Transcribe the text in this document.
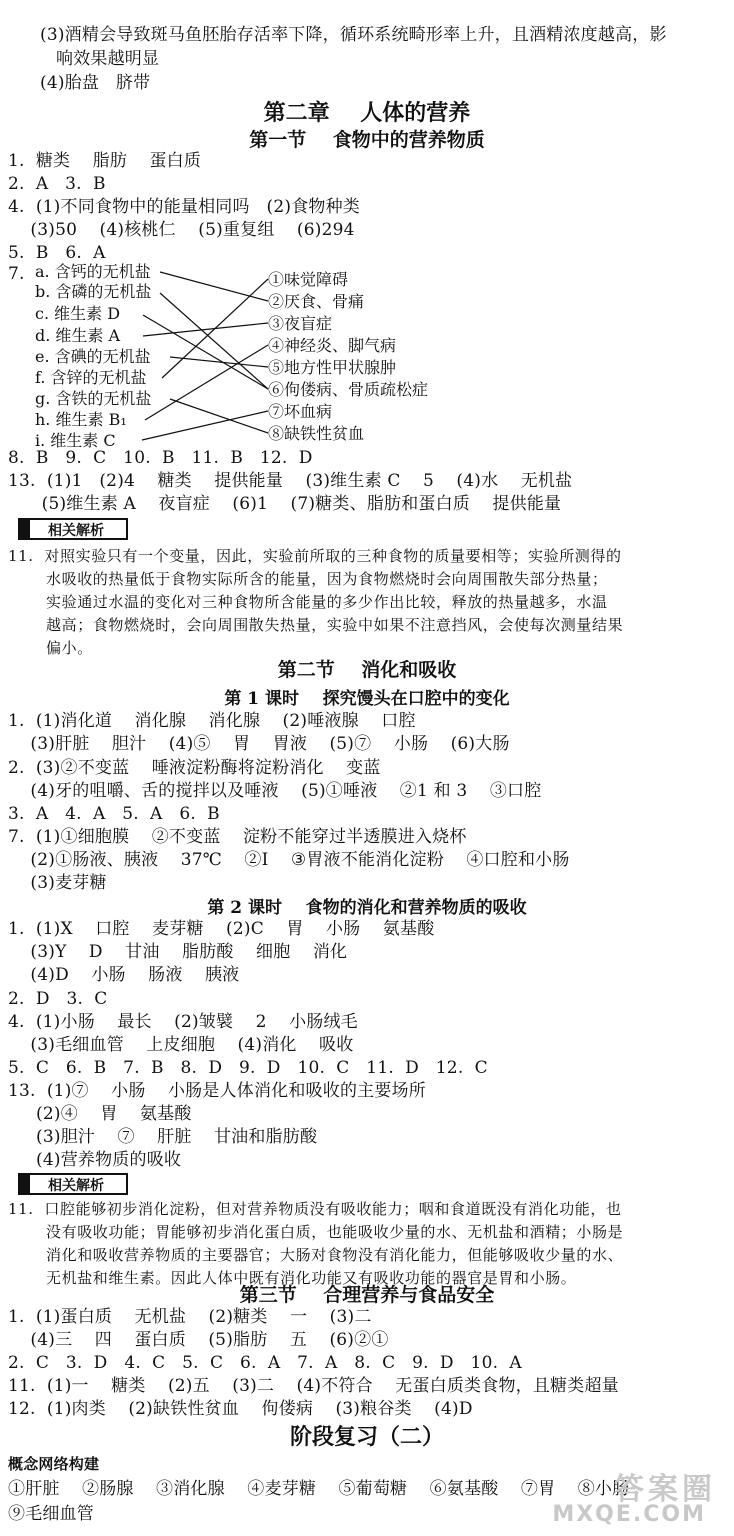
(3)酒精会导致斑马鱼胚胎存活率下降，循环系统畸形率上升，且酒精浓度越高，影
响效果越明显
(4)胎盘   脐带
第二章    人体的营养
第一节    食物中的营养物质
1.  糖类    脂肪    蛋白质
2.  A   3.  B
4.  (1)不同食物中的能量相同吗   (2)食物种类
(3)50    (4)核桃仁    (5)重复组    (6)294
5.  B   6.  A
7. a. 含钙的无机盐
b. 含磷的无机盐
c. 维生素 D
d. 维生素 A
e. 含碘的无机盐
f. 含锌的无机盐
g. 含铁的无机盐
h. 维生素 B₁
i. 维生素 C
①味觉障碍
②厌食、骨痛
③夜盲症
④神经炎、脚气病
⑤地方性甲状腺肿
⑥佝偻病、骨质疏松症
⑦坏血病
⑧缺铁性贫血
8.  B   9.  C   10.  B   11.  B   12.  D
13.  (1)1   (2)4    糖类    提供能量    (3)维生素 C    5    (4)水    无机盐
(5)维生素 A    夜盲症    (6)1    (7)糖类、脂肪和蛋白质    提供能量
相关解析
11.  对照实验只有一个变量，因此，实验前所取的三种食物的质量要相等；实验所测得的
水吸收的热量低于食物实际所含的能量，因为食物燃烧时会向周围散失部分热量；
实验通过水温的变化对三种食物所含能量的多少作出比较，释放的热量越多，水温
越高；食物燃烧时，会向周围散失热量，实验中如果不注意挡风，会使每次测量结果
偏小。
第二节    消化和吸收
第 1 课时    探究馒头在口腔中的变化
1.  (1)消化道    消化腺    消化腺    (2)唾液腺    口腔
(3)肝脏    胆汁    (4)⑤    胃    胃液    (5)⑦    小肠    (6)大肠
2.  (3)②不变蓝    唾液淀粉酶将淀粉消化    变蓝
(4)牙的咀嚼、舌的搅拌以及唾液    (5)①唾液    ②1 和 3    ③口腔
3.  A   4.  A   5.  A   6.  B
7.  (1)①细胞膜    ②不变蓝    淀粉不能穿过半透膜进入烧杯
(2)①肠液、胰液    37℃    ②Ⅰ    ③胃液不能消化淀粉    ④口腔和小肠
(3)麦芽糖
第 2 课时    食物的消化和营养物质的吸收
1.  (1)X    口腔    麦芽糖    (2)C    胃    小肠    氨基酸
(3)Y    D    甘油    脂肪酸    细胞    消化
(4)D    小肠    肠液    胰液
2.  D   3.  C
4.  (1)小肠    最长    (2)皱襞    2    小肠绒毛
(3)毛细血管    上皮细胞    (4)消化    吸收
5.  C   6.  B   7.  B   8.  D   9.  D   10.  C   11.  D   12.  C
13.  (1)⑦    小肠    小肠是人体消化和吸收的主要场所
(2)④    胃    氨基酸
(3)胆汁    ⑦    肝脏    甘油和脂肪酸
(4)营养物质的吸收
相关解析
11.  口腔能够初步消化淀粉，但对营养物质没有吸收能力；咽和食道既没有消化功能，也
没有吸收功能；胃能够初步消化蛋白质，也能吸收少量的水、无机盐和酒精；小肠是
消化和吸收营养物质的主要器官；大肠对食物没有消化能力，但能够吸收少量的水、
无机盐和维生素。因此人体中既有消化功能又有吸收功能的器官是胃和小肠。
第三节    合理营养与食品安全
1.  (1)蛋白质    无机盐    (2)糖类    一    (3)二
(4)三    四    蛋白质    (5)脂肪    五    (6)②①
2.  C   3.  D   4.  C   5.  C   6.  A   7.  A   8.  C   9.  D   10.  A
11.  (1)一    糖类    (2)五    (3)二    (4)不符合    无蛋白质类食物，且糖类超量
12.  (1)肉类    (2)缺铁性贫血    佝偻病    (3)粮谷类    (4)D
阶段复习（二）
概念网络构建
①肝脏    ②肠腺    ③消化腺    ④麦芽糖    ⑤葡萄糖    ⑥氨基酸    ⑦胃    ⑧小肠
⑨毛细血管
答案圈
MXQE.COM
